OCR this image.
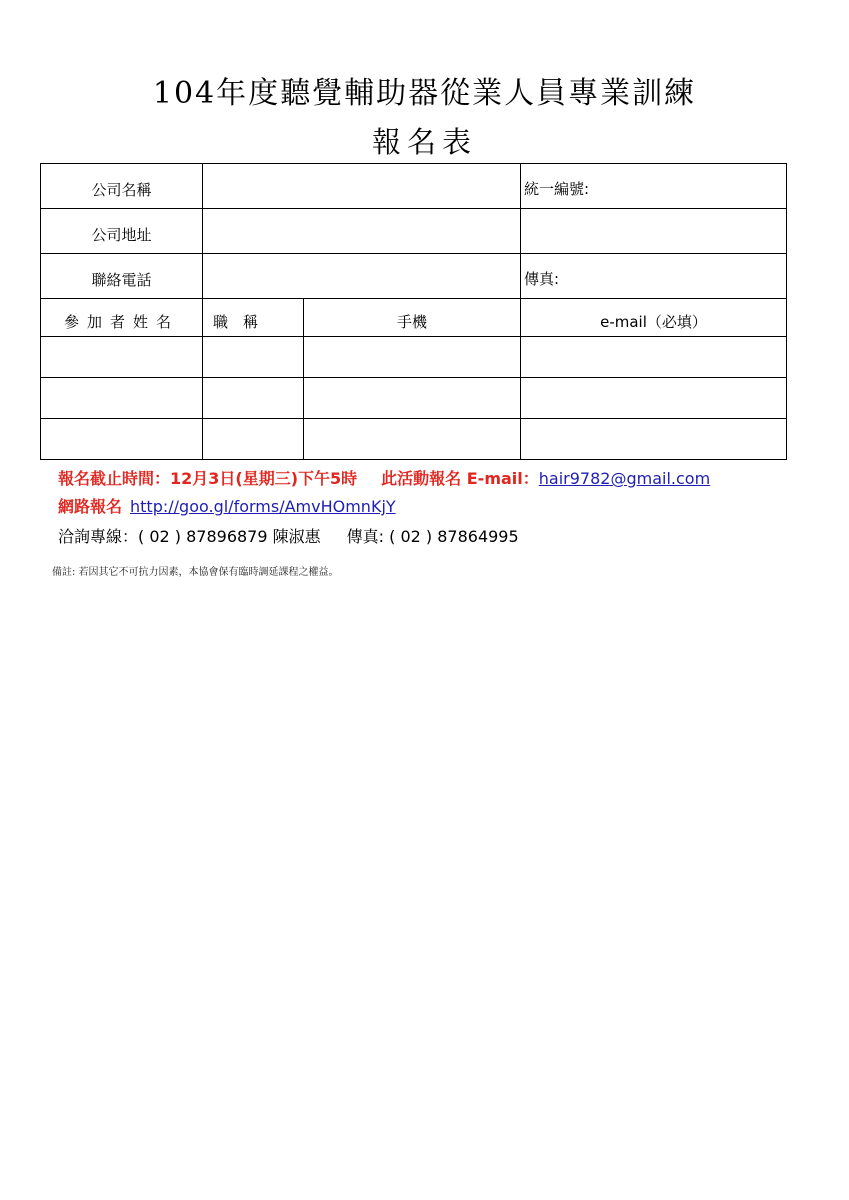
104年度聽覺輔助器從業人員專業訓練
報名表
公司名稱			統一編號:
公司地址			
聯絡電話			傳真:
參加者姓名	職　稱	手機	e-mail（必填）

報名截止時間：12月3日(星期三)下午5時 此活動報名 E-mail：hair9782@gmail.com
網路報名 http://goo.gl/forms/AmvHOmnKjY
洽詢專線：( 02 ) 87896879 陳淑惠 傳真: ( 02 ) 87864995
備註: 若因其它不可抗力因素，本協會保有臨時調延課程之權益。
